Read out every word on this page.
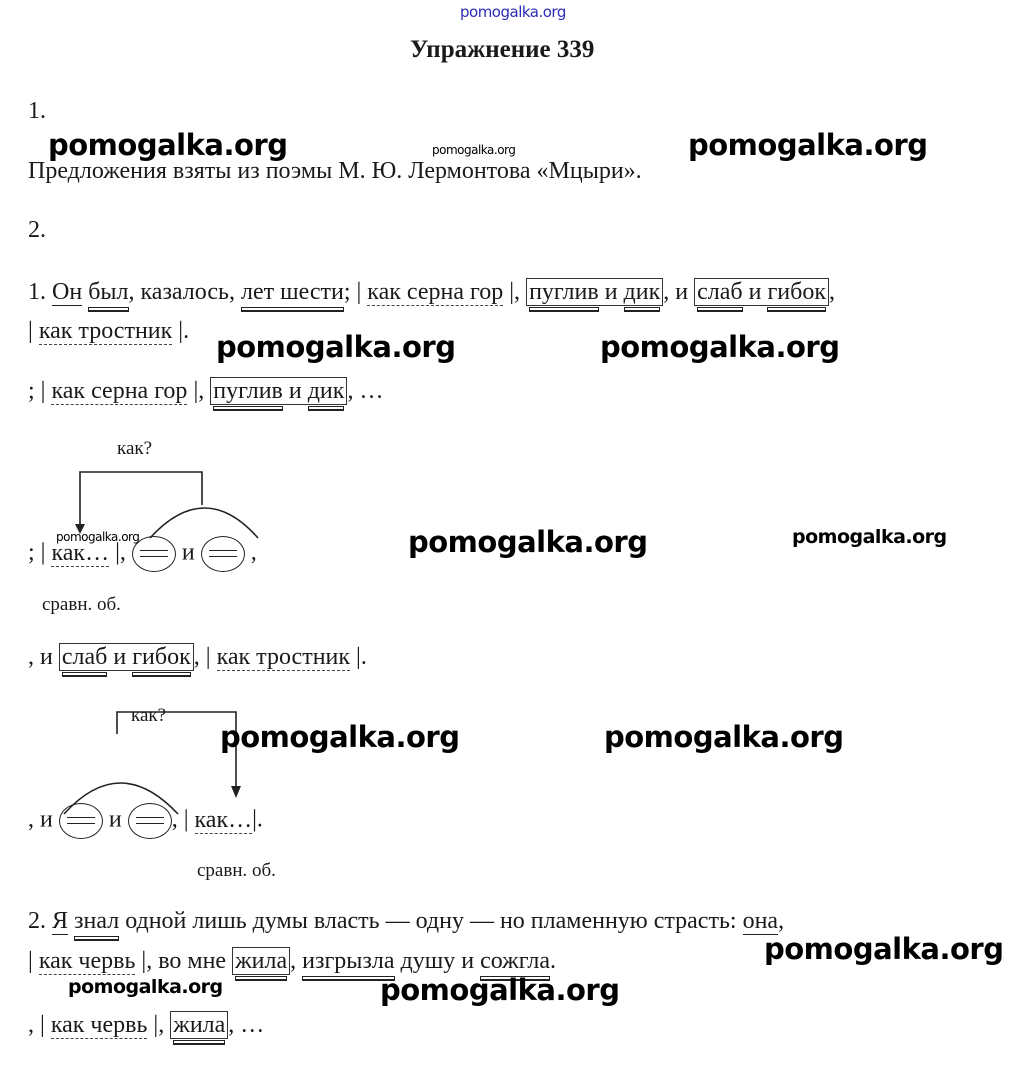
pomogalka.org
Упражнение 339
1.
Предложения взяты из поэмы М. Ю. Лермонтова «Мцыри».
2.
1. Он был, казалось, лет шести; | как серна гор |, пуглив и дик , и слаб и гибок ,
| как тростник |.
; | как серна гор |, пуглив и дик , …
как?
; | как… |, и ,
сравн. об.
, и слаб и гибок , | как тростник |.
как?
, и и , | как…|.
сравн. об.
2. Я знал одной лишь думы власть — одну — но пламенную страсть: она,
| как червь |, во мне жила , изгрызла душу и сожгла.
, | как червь |, жила , …
pomogalka.org	pomogalka.org	pomogalka.org
pomogalka.org	pomogalka.org
pomogalka.org	pomogalka.org	pomogalka.org
pomogalka.org	pomogalka.org
pomogalka.org
pomogalka.org	pomogalka.org
